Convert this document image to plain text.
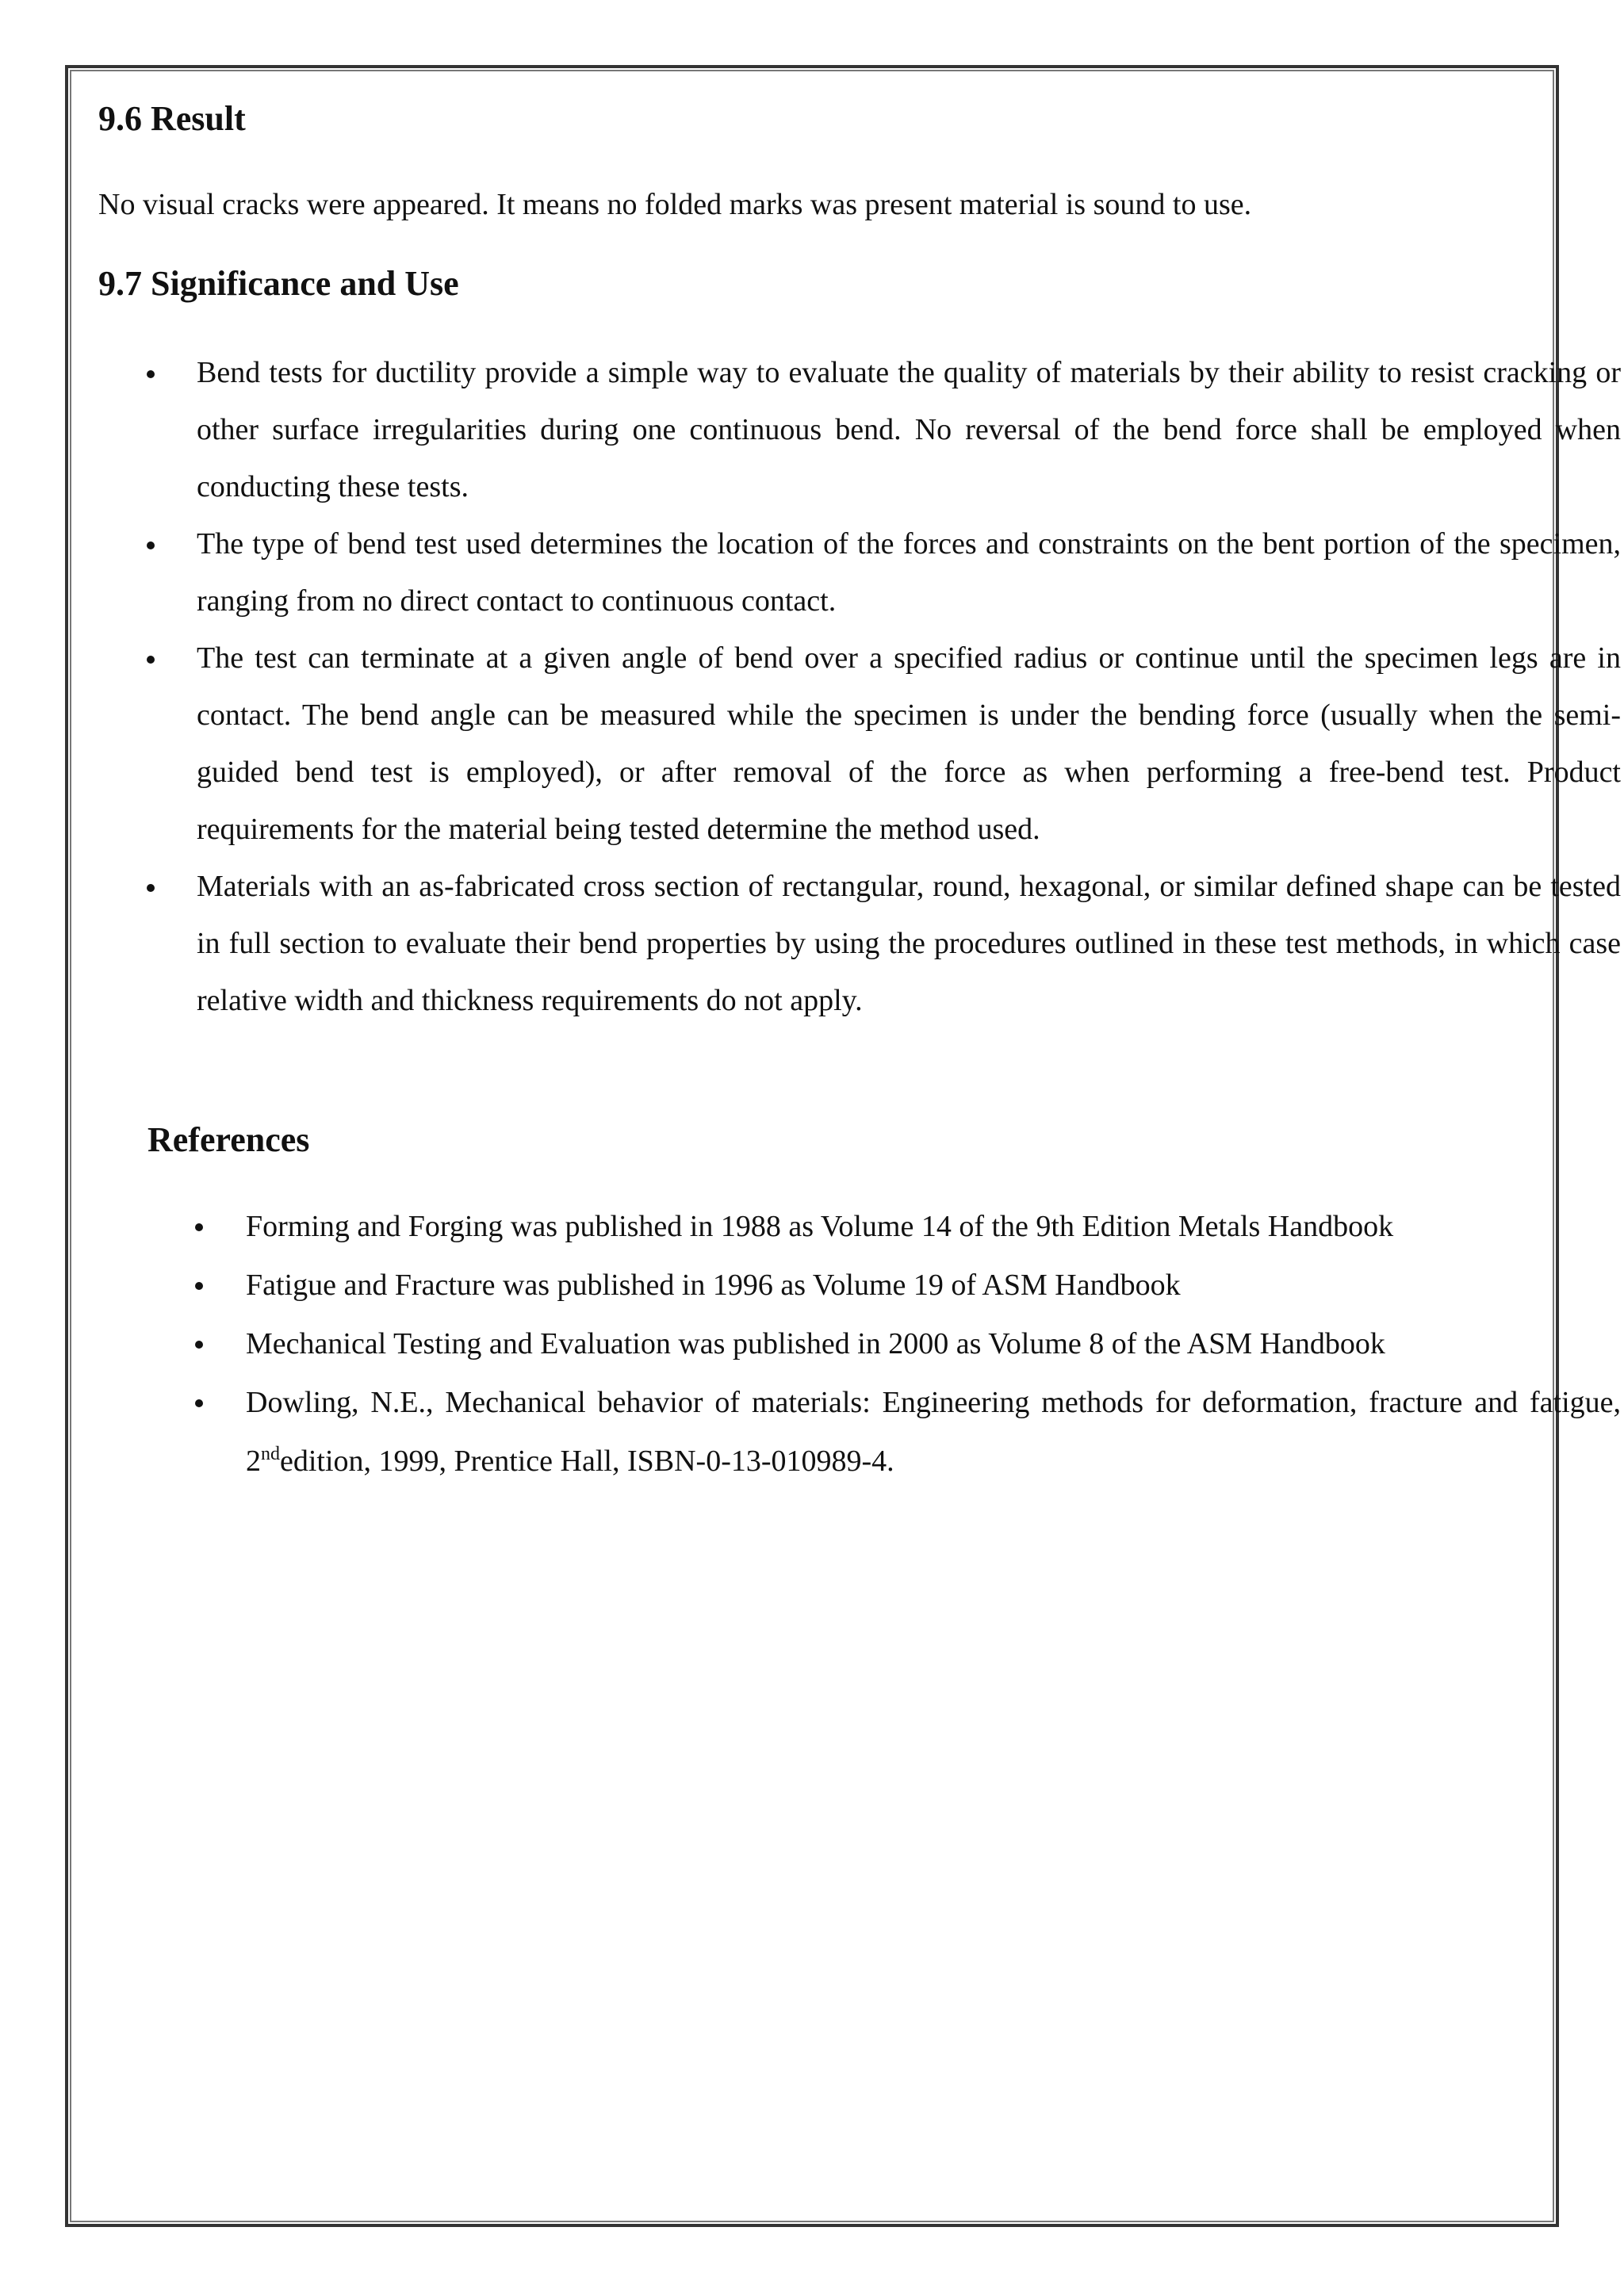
9.6 Result

No visual cracks were appeared. It means no folded marks was present material is sound to use.

9.7 Significance and Use
Bend tests for ductility provide a simple way to evaluate the quality of materials by their ability to resist cracking or other surface irregularities during one continuous bend. No reversal of the bend force shall be employed when conducting these tests.
The type of bend test used determines the location of the forces and constraints on the bent portion of the specimen, ranging from no direct contact to continuous contact.
The test can terminate at a given angle of bend over a specified radius or continue until the specimen legs are in contact. The bend angle can be measured while the specimen is under the bending force (usually when the semi-guided bend test is employed), or after removal of the force as when performing a free-bend test. Product requirements for the material being tested determine the method used.
Materials with an as-fabricated cross section of rectangular, round, hexagonal, or similar defined shape can be tested in full section to evaluate their bend properties by using the procedures outlined in these test methods, in which case relative width and thickness requirements do not apply.
References
Forming and Forging was published in 1988 as Volume 14 of the 9th Edition Metals Handbook
Fatigue and Fracture was published in 1996 as Volume 19 of ASM Handbook
Mechanical Testing and Evaluation was published in 2000 as Volume 8 of the ASM Handbook
Dowling, N.E., Mechanical behavior of materials: Engineering methods for deformation, fracture and fatigue, 2ndedition, 1999, Prentice Hall, ISBN-0-13-010989-4.
